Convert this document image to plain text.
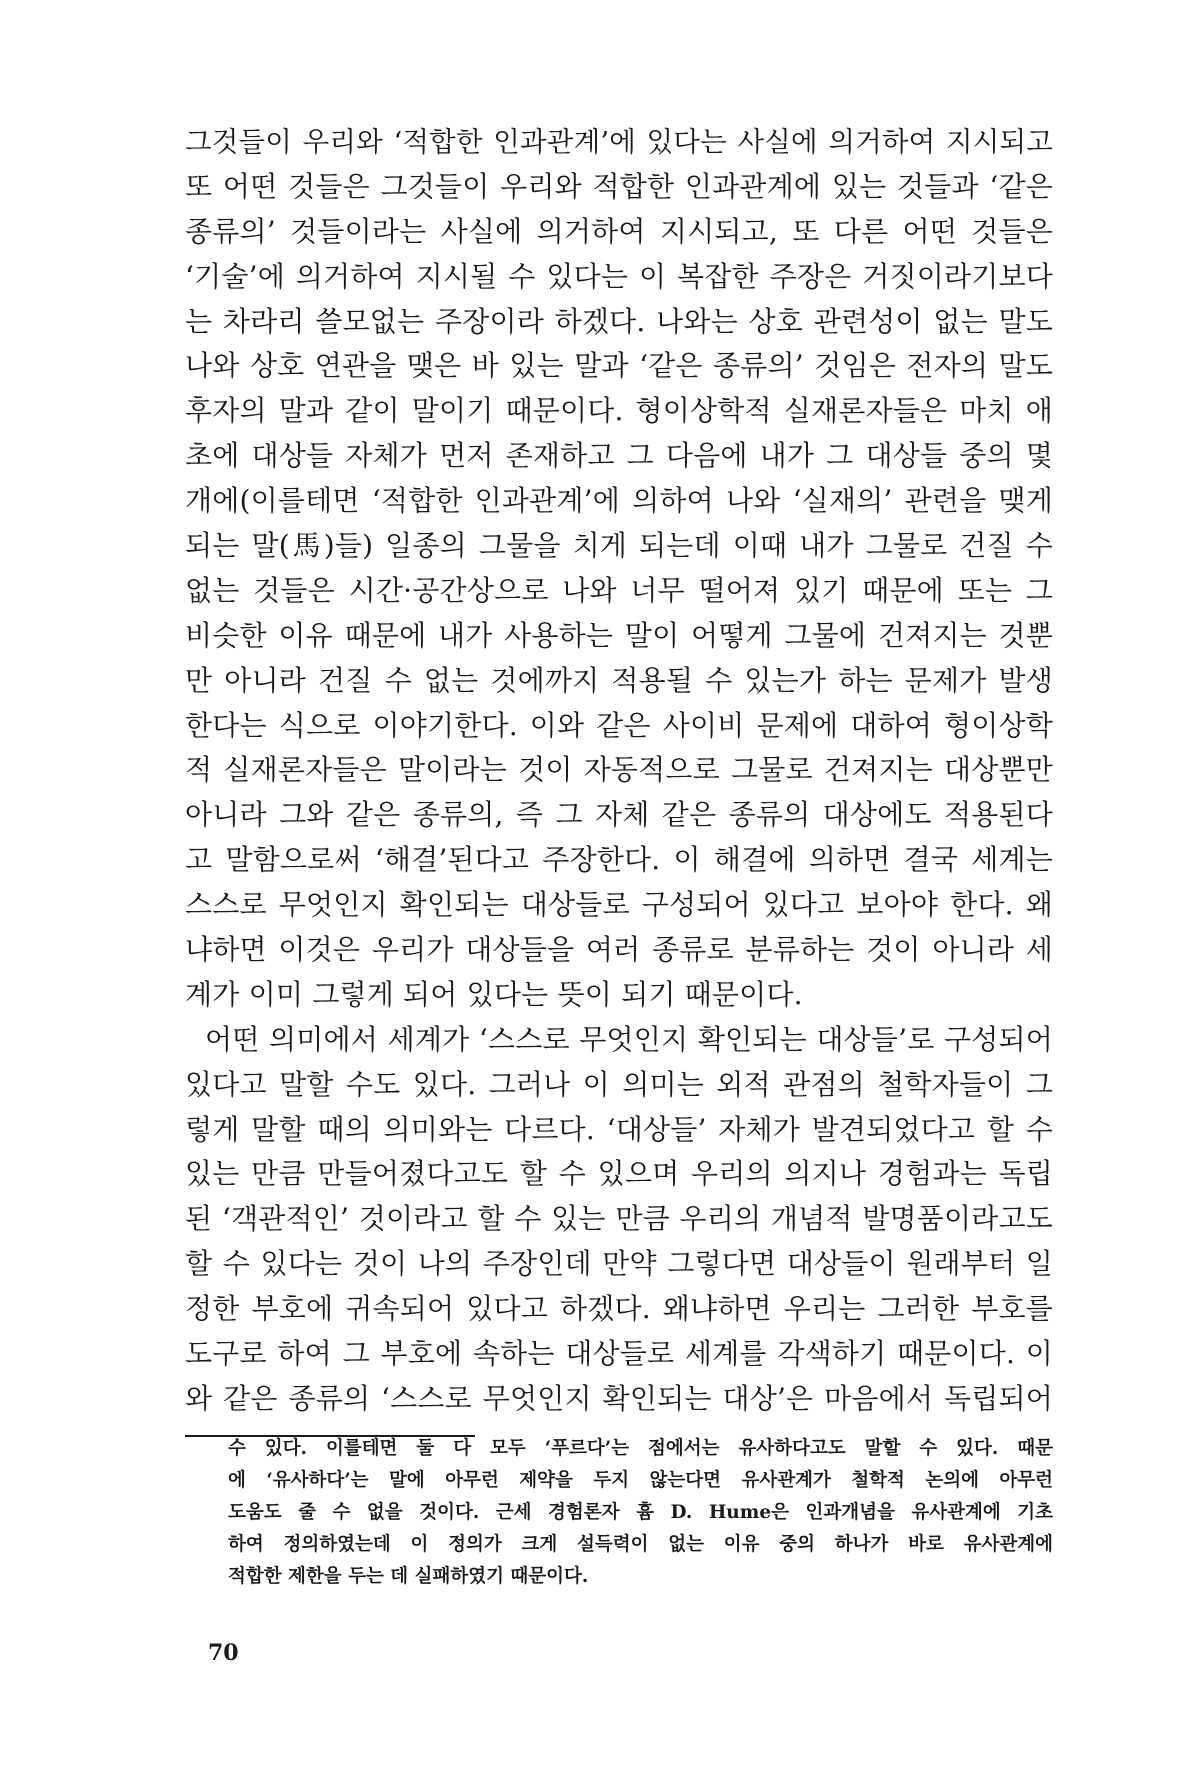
그것들이 우리와 ‘적합한 인과관계’에 있다는 사실에 의거하여 지시되고
또 어떤 것들은 그것들이 우리와 적합한 인과관계에 있는 것들과 ‘같은
종류의’ 것들이라는 사실에 의거하여 지시되고, 또 다른 어떤 것들은
‘기술’에 의거하여 지시될 수 있다는 이 복잡한 주장은 거짓이라기보다
는 차라리 쓸모없는 주장이라 하겠다. 나와는 상호 관련성이 없는 말도
나와 상호 연관을 맺은 바 있는 말과 ‘같은 종류의’ 것임은 전자의 말도
후자의 말과 같이 말이기 때문이다. 형이상학적 실재론자들은 마치 애
초에 대상들 자체가 먼저 존재하고 그 다음에 내가 그 대상들 중의 몇
개에(이를테면 ‘적합한 인과관계’에 의하여 나와 ‘실재의’ 관련을 맺게
되는 말(馬)들) 일종의 그물을 치게 되는데 이때 내가 그물로 건질 수
없는 것들은 시간·공간상으로 나와 너무 떨어져 있기 때문에 또는 그
비슷한 이유 때문에 내가 사용하는 말이 어떻게 그물에 건져지는 것뿐
만 아니라 건질 수 없는 것에까지 적용될 수 있는가 하는 문제가 발생
한다는 식으로 이야기한다. 이와 같은 사이비 문제에 대하여 형이상학
적 실재론자들은 말이라는 것이 자동적으로 그물로 건져지는 대상뿐만
아니라 그와 같은 종류의, 즉 그 자체 같은 종류의 대상에도 적용된다
고 말함으로써 ‘해결’된다고 주장한다. 이 해결에 의하면 결국 세계는
스스로 무엇인지 확인되는 대상들로 구성되어 있다고 보아야 한다. 왜
냐하면 이것은 우리가 대상들을 여러 종류로 분류하는 것이 아니라 세
계가 이미 그렇게 되어 있다는 뜻이 되기 때문이다.
어떤 의미에서 세계가 ‘스스로 무엇인지 확인되는 대상들’로 구성되어
있다고 말할 수도 있다. 그러나 이 의미는 외적 관점의 철학자들이 그
렇게 말할 때의 의미와는 다르다. ‘대상들’ 자체가 발견되었다고 할 수
있는 만큼 만들어졌다고도 할 수 있으며 우리의 의지나 경험과는 독립
된 ‘객관적인’ 것이라고 할 수 있는 만큼 우리의 개념적 발명품이라고도
할 수 있다는 것이 나의 주장인데 만약 그렇다면 대상들이 원래부터 일
정한 부호에 귀속되어 있다고 하겠다. 왜냐하면 우리는 그러한 부호를
도구로 하여 그 부호에 속하는 대상들로 세계를 각색하기 때문이다. 이
와 같은 종류의 ‘스스로 무엇인지 확인되는 대상’은 마음에서 독립되어
수 있다. 이를테면 둘 다 모두 ‘푸르다’는 점에서는 유사하다고도 말할 수 있다. 때문
에 ‘유사하다’는 말에 아무런 제약을 두지 않는다면 유사관계가 철학적 논의에 아무런
도움도 줄 수 없을 것이다. 근세 경험론자 흄 D. Hume은 인과개념을 유사관계에 기초
하여 정의하였는데 이 정의가 크게 설득력이 없는 이유 중의 하나가 바로 유사관계에
적합한 제한을 두는 데 실패하였기 때문이다.
70
